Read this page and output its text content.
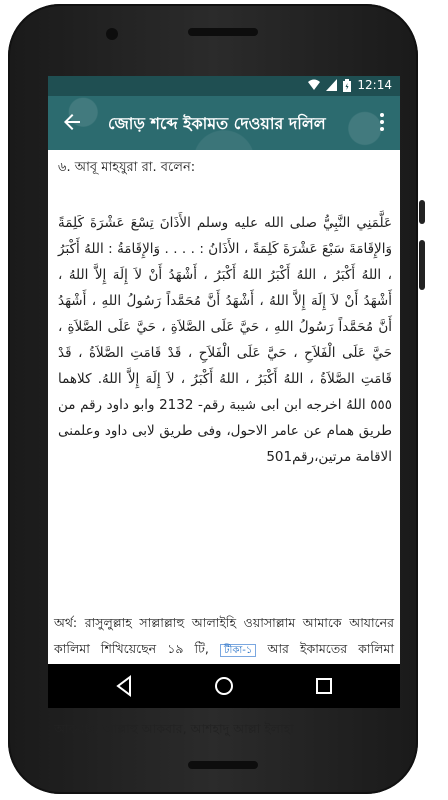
12:14
জোড় শব্দে ইকামত দেওয়ার দলিল
৬. আবূ মাহযুরা রা. বলেন:
عَلَّمَنِي النَّبِيُّ صلى الله عليه وسلم الأَذَانَ تِسْعَ عَشْرَةَ كَلِمَةً وَالإِقَامَةَ سَبْعَ عَشْرَةَ كَلِمَةً ، الأَذَانُ : . . . . وَالإِقَامَةُ : اللهُ أَكْبَرُ ، اللهُ أَكْبَرُ ، اللهُ أَكْبَرُ اللهُ أَكْبَرُ ، أَشْهَدُ أَنْ لاَ إِلَهَ إِلاَّ اللهُ ، أَشْهَدُ أَنْ لاَ إِلَهَ إِلاَّ اللهُ ، أَشْهَدُ أَنَّ مُحَمَّداً رَسُولُ اللهِ ، أَشْهَدُ أَنَّ مُحَمَّداً رَسُولُ اللهِ ، حَيَّ عَلَى الصَّلاَةِ ، حَيَّ عَلَى الصَّلاَةِ ، حَيَّ عَلَى الْفَلاَحِ ، حَيَّ عَلَى الْفَلاَحِ ، قَدْ قَامَتِ الصَّلاَةُ ، قَدْ قَامَتِ الصَّلاَةُ ، اللهُ أَكْبَرُ ، اللهُ أَكْبَرُ ، لاَ إِلَهَ إِلاَّ اللهُ. كلاهما ٥٥٥ اللهُ اخرجه ابن ابى شيبة رقم- 2132 وابو داود رقم من طريق همام عن عامر الاحول، وفى طريق لابى داود وعلمنى الاقامة مرتين،رقم501
অর্থ: রাসুলুল্লাহ সাল্লাল্লাহু আলাইহি ওয়াসাল্লাম আমাকে আযানের কালিমা শিখিয়েছেন ১৯ টি, টীকা-১ আর ইকামতের কালিমা আকবার, আল্লাহু আকবার, আশহাদু আল্লা ইলাহা
